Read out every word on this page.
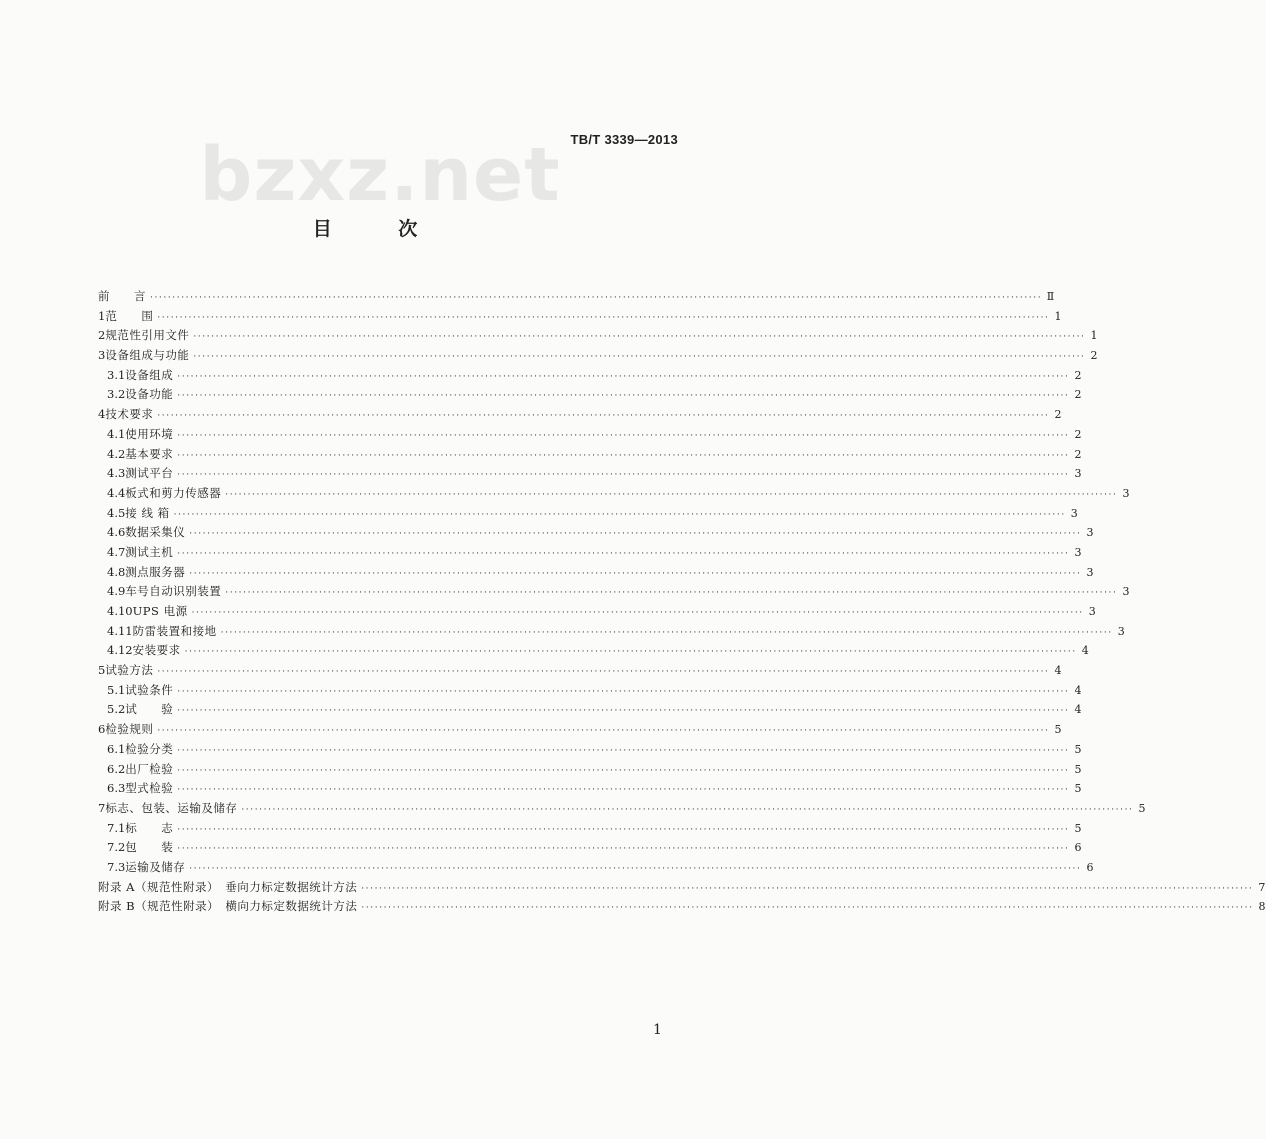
bzxz.net TB/T 3339—2013
目 次
前　　言 ········································································································································································································ Ⅱ
1 范　　围 ········································································································································································································ 1
2 规范性引用文件 ········································································································································································································ 1
3 设备组成与功能 ········································································································································································································ 2
3.1 设备组成 ········································································································································································································ 2
3.2 设备功能 ········································································································································································································ 2
4 技术要求 ········································································································································································································ 2
4.1 使用环境 ········································································································································································································ 2
4.2 基本要求 ········································································································································································································ 2
4.3 测试平台 ········································································································································································································ 3
4.4 板式和剪力传感器 ········································································································································································································ 3
4.5 接 线 箱 ········································································································································································································ 3
4.6 数据采集仪 ········································································································································································································ 3
4.7 测试主机 ········································································································································································································ 3
4.8 测点服务器 ········································································································································································································ 3
4.9 车号自动识别装置 ········································································································································································································ 3
4.10 UPS 电源 ········································································································································································································ 3
4.11 防雷装置和接地 ········································································································································································································ 3
4.12 安装要求 ········································································································································································································ 4
5 试验方法 ········································································································································································································ 4
5.1 试验条件 ········································································································································································································ 4
5.2 试　　验 ········································································································································································································ 4
6 检验规则 ········································································································································································································ 5
6.1 检验分类 ········································································································································································································ 5
6.2 出厂检验 ········································································································································································································ 5
6.3 型式检验 ········································································································································································································ 5
7 标志、包装、运输及储存 ········································································································································································································ 5
7.1 标　　志 ········································································································································································································ 5
7.2 包　　装 ········································································································································································································ 6
7.3 运输及储存 ········································································································································································································ 6
附录 A（规范性附录）　垂向力标定数据统计方法 ········································································································································································································ 7
附录 B（规范性附录）　横向力标定数据统计方法 ········································································································································································································ 8
1
